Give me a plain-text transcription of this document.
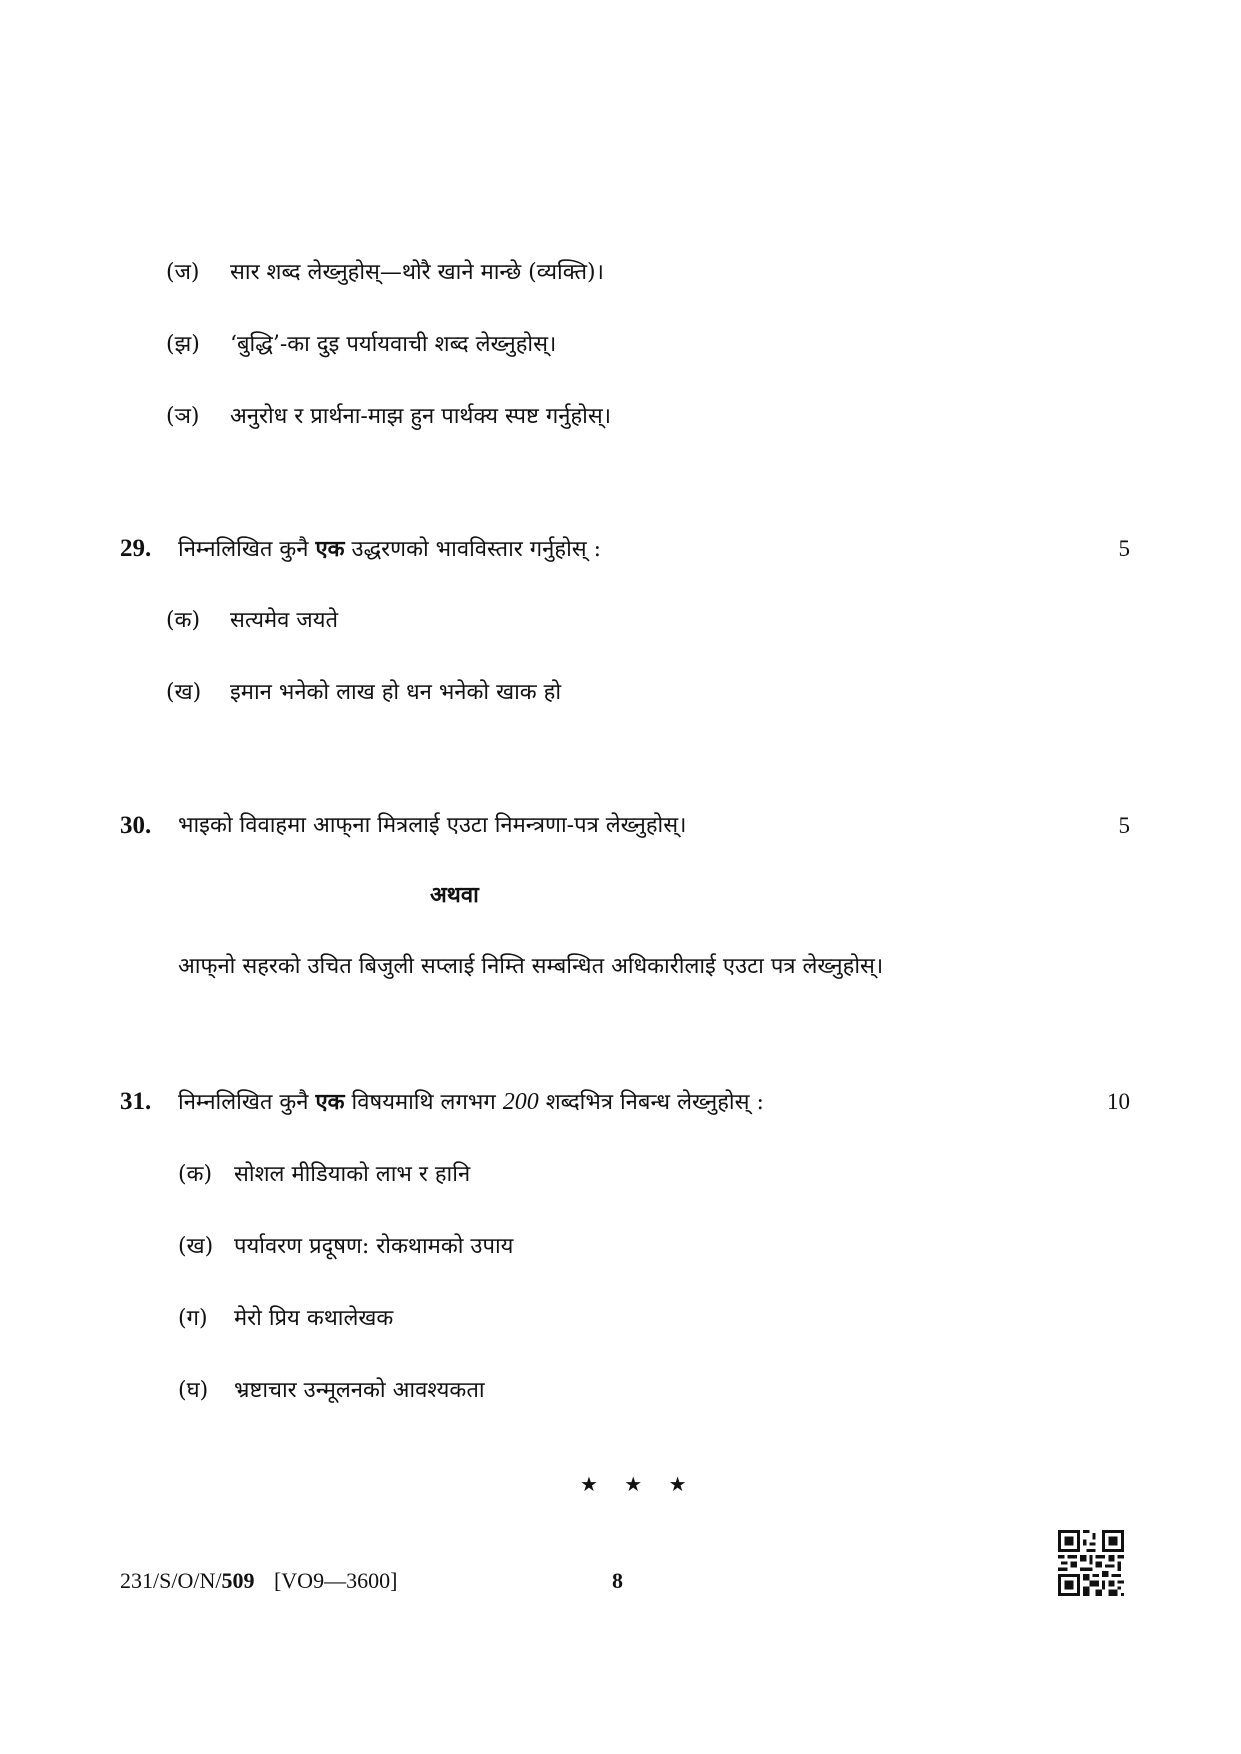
(ज) सार शब्द लेख्नुहोस्—थोरै खाने मान्छे (व्यक्ति)।
(झ) ‘बुद्धि’-का दुइ पर्यायवाची शब्द लेख्नुहोस्।
(ञ) अनुरोध र प्रार्थना-माझ हुन पार्थक्य स्पष्ट गर्नुहोस्।
29. निम्नलिखित कुनै एक उद्धरणको भावविस्तार गर्नुहोस् :	5
(क) सत्यमेव जयते
(ख) इमान भनेको लाख हो धन भनेको खाक हो
30. भाइको विवाहमा आफ्‌ना मित्रलाई एउटा निमन्त्रणा-पत्र लेख्नुहोस्।	5
अथवा
आफ्‌नो सहरको उचित बिजुली सप्लाई निम्ति सम्बन्धित अधिकारीलाई एउटा पत्र लेख्नुहोस्।
31. निम्नलिखित कुनै एक विषयमाथि लगभग 200 शब्दभित्र निबन्ध लेख्नुहोस् :	10
(क) सोशल मीडियाको लाभ र हानि
(ख) पर्यावरण प्रदूषण: रोकथामको उपाय
(ग) मेरो प्रिय कथालेखक
(घ) भ्रष्टाचार उन्मूलनको आवश्यकता
★ ★ ★
231/S/O/N/509 [VO9—3600]	8
